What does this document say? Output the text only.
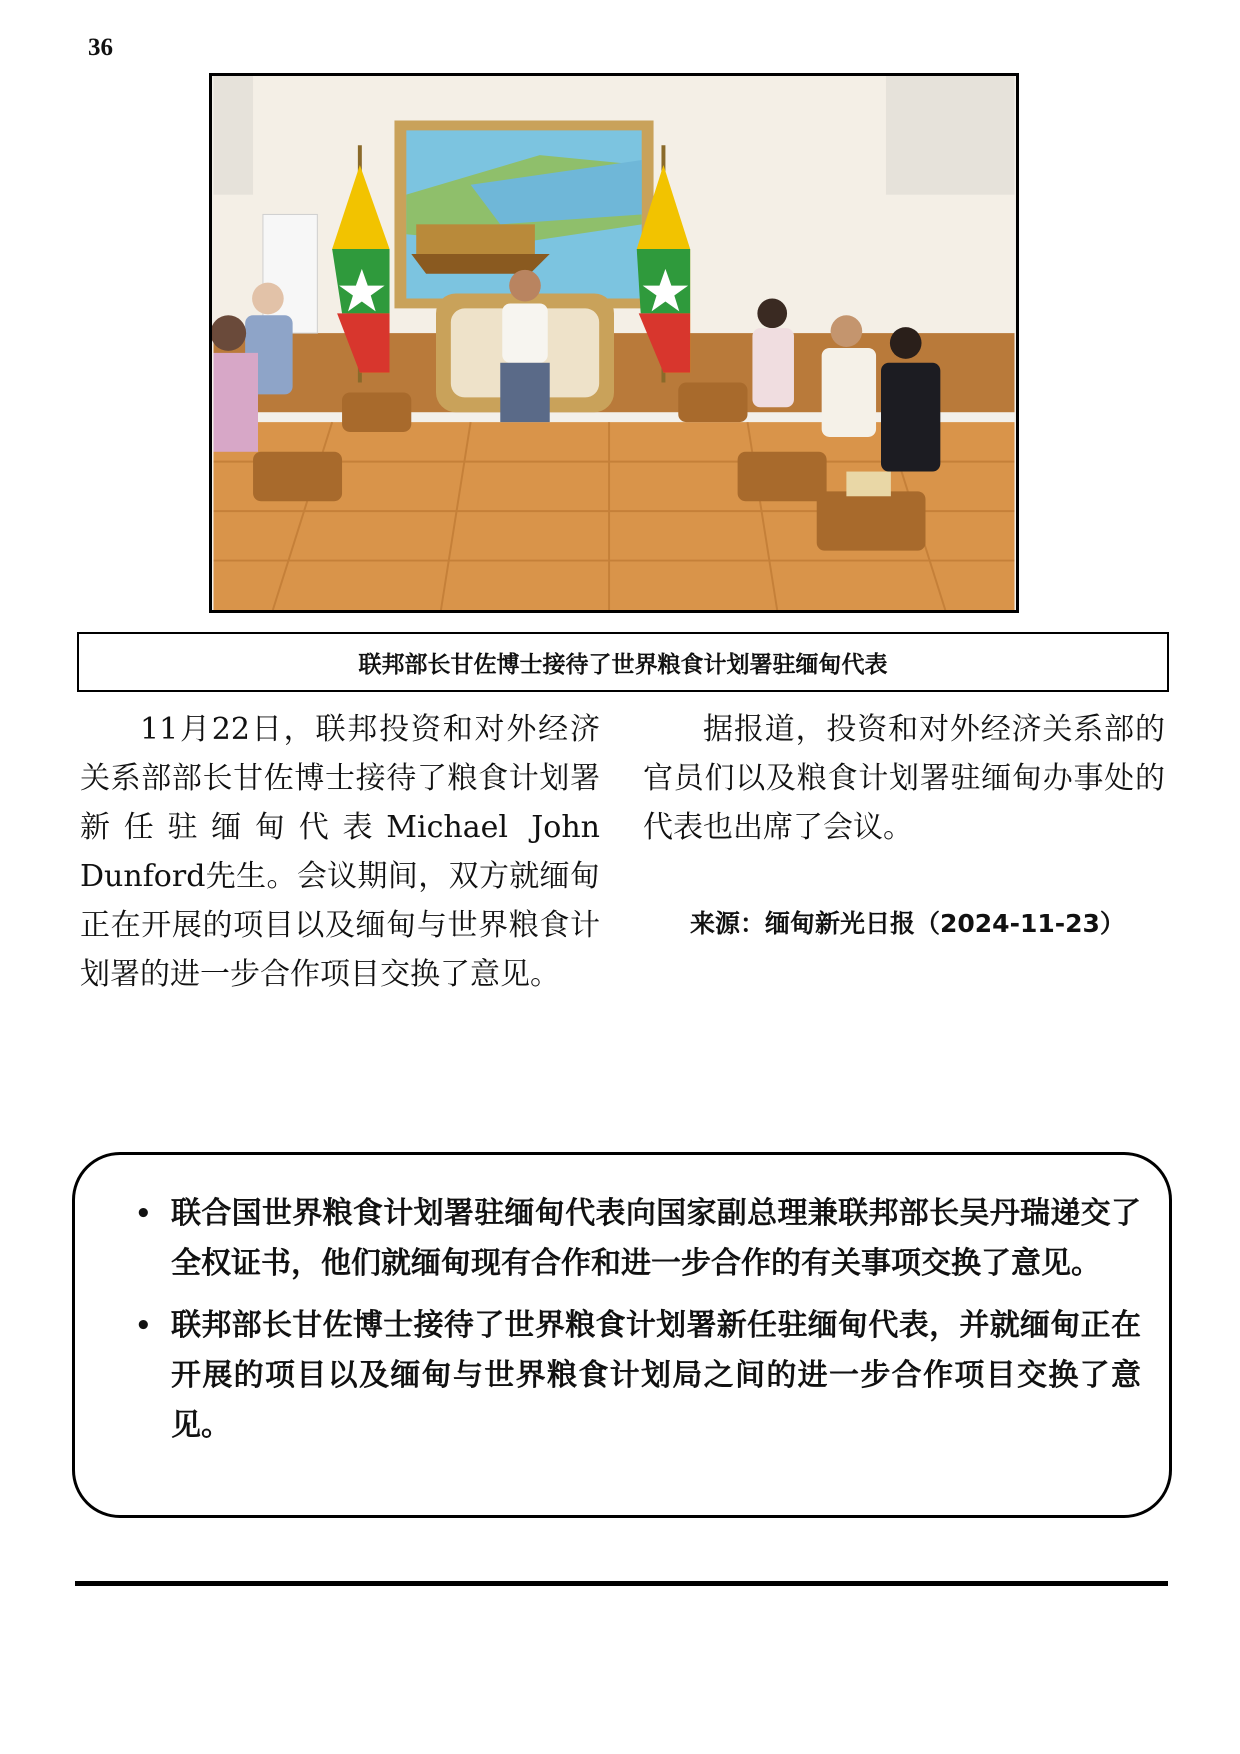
36
联邦部长甘佐博士接待了世界粮食计划署驻缅甸代表

11月22日，联邦投资和对外经济关系部部长甘佐博士接待了粮食计划署新任驻缅甸代表Michael John Dunford先生。会议期间，双方就缅甸正在开展的项目以及缅甸与世界粮食计划署的进一步合作项目交换了意见。

据报道，投资和对外经济关系部的官员们以及粮食计划署驻缅甸办事处的代表也出席了会议。

来源：缅甸新光日报（2024-11-23）
• 联合国世界粮食计划署驻缅甸代表向国家副总理兼联邦部长吴丹瑞递交了全权证书，他们就缅甸现有合作和进一步合作的有关事项交换了意见。
• 联邦部长甘佐博士接待了世界粮食计划署新任驻缅甸代表，并就缅甸正在开展的项目以及缅甸与世界粮食计划局之间的进一步合作项目交换了意见。
